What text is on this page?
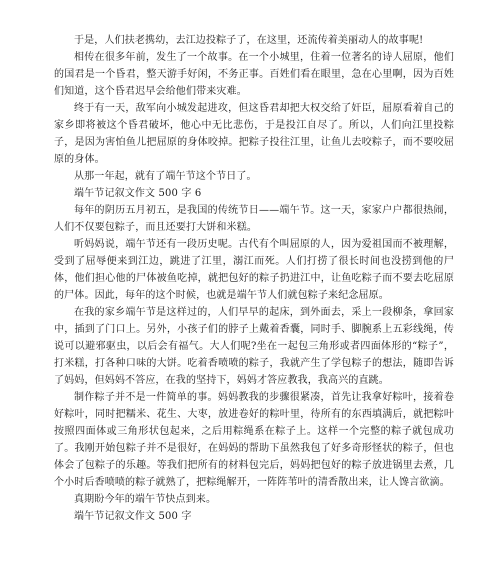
于是，人们扶老携幼，去江边投粽子了，在这里，还流传着美丽动人的故事呢!

相传在很多年前，发生了一个故事。在一个小城里，住着一位著名的诗人屈原，他们的国君是一个昏君，整天游手好闲，不务正事。百姓们看在眼里，急在心里啊，因为百姓们知道，这个昏君迟早会给他们带来灾难。

终于有一天，敌军向小城发起进攻，但这昏君却把大权交给了奸臣，屈原看着自己的家乡即将被这个昏君破坏，他心中无比悲伤，于是投江自尽了。所以，人们向江里投粽子，是因为害怕鱼儿把屈原的身体咬掉。把粽子投往江里，让鱼儿去咬粽子，而不要咬屈原的身体。

从那一年起，就有了端午节这个节日了。

端午节记叙文作文 500 字 6

每年的阴历五月初五，是我国的传统节日——端午节。这一天，家家户户都很热闹，人们不仅要包粽子，而且还要打大饼和米糕。

听妈妈说，端午节还有一段历史呢。古代有个叫屈原的人，因为爱祖国而不被理解，受到了屈辱便来到江边，跳进了江里，溺江而死。人们打捞了很长时间也没捞到他的尸体，他们担心他的尸体被鱼吃掉，就把包好的粽子扔进江中，让鱼吃粽子而不要去吃屈原的尸体。因此，每年的这个时候，也就是端午节人们就包粽子来纪念屈原。

在我的家乡端午节是这样过的，人们早早的起床，到外面去，采上一段柳条，拿回家中，插到了门口上。另外，小孩子们的脖子上戴着香囊，同时手、脚腕系上五彩线绳，传说可以避邪驱虫，以后会有福气。大人们呢?坐在一起包三角形或者四面体形的“粽子”，打米糕，打各种口味的大饼。吃着香喷喷的粽子，我就产生了学包粽子的想法，随即告诉了妈妈，但妈妈不答应，在我的坚持下，妈妈才答应教我，我高兴的直跳。

制作粽子并不是一件简单的事。妈妈教我的步骤很紧凑，首先让我拿好粽叶，接着卷好粽叶，同时把糯米、花生、大枣，放进卷好的粽叶里，待所有的东西填满后，就把粽叶按照四面体或三角形状包起来，之后用粽绳系在粽子上。这样一个完整的粽子就包成功了。我刚开始包粽子并不是很好，在妈妈的帮助下虽然我包了好多奇形怪状的粽子，但也体会了包粽子的乐趣。等我们把所有的材料包完后，妈妈把包好的粽子放进锅里去煮，几个小时后香喷喷的粽子就熟了，把粽绳解开，一阵阵苇叶的清香散出来，让人馋言欲滴。

真期盼今年的端午节快点到来。

端午节记叙文作文 500 字
